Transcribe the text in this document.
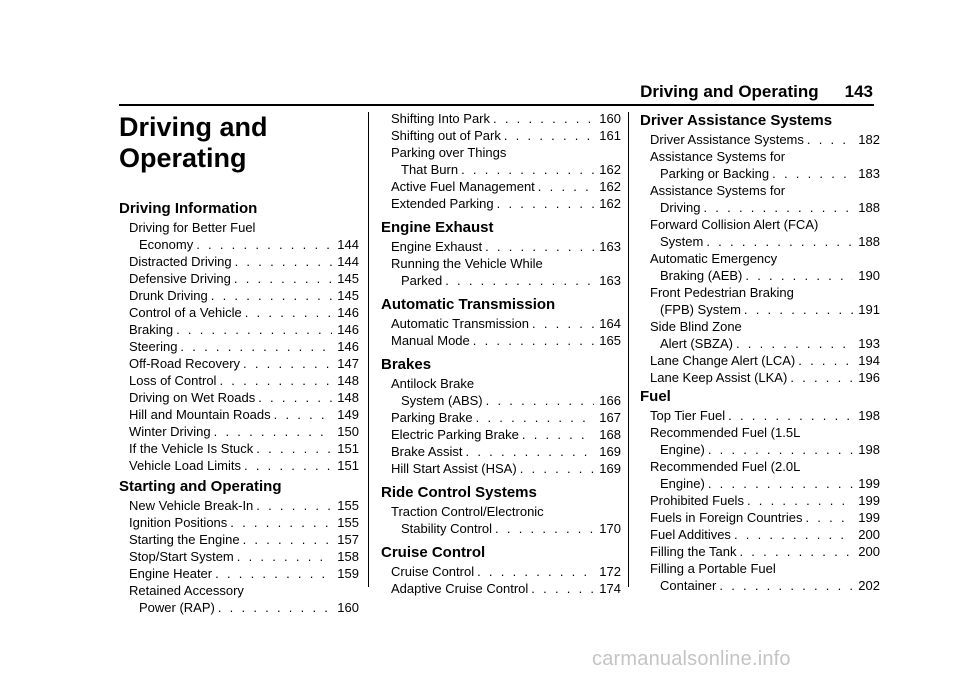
Driving and Operating 143
Driving and
Operating
Driving Information
Driving for Better Fuel
Economy . . .	144
Distracted Driving . . .	144
Defensive Driving . . .	145
Drunk Driving . . .	145
Control of a Vehicle . . .	146
Braking . . .	146
Steering . . .	146
Off-Road Recovery . . .	147
Loss of Control . . .	148
Driving on Wet Roads . . .	148
Hill and Mountain Roads . . .	149
Winter Driving . . .	150
If the Vehicle Is Stuck . . .	151
Vehicle Load Limits . . .	151
Starting and Operating
New Vehicle Break-In . . .	155
Ignition Positions . . .	155
Starting the Engine . . .	157
Stop/Start System . . .	158
Engine Heater . . .	159
Retained Accessory
Power (RAP) . . .	160
Shifting Into Park . . .	160
Shifting out of Park . . .	161
Parking over Things
That Burn . . .	162
Active Fuel Management . . .	162
Extended Parking . . .	162
Engine Exhaust
Engine Exhaust . . .	163
Running the Vehicle While
Parked . . .	163
Automatic Transmission
Automatic Transmission . . .	164
Manual Mode . . .	165
Brakes
Antilock Brake
System (ABS) . . .	166
Parking Brake . . .	167
Electric Parking Brake . . .	168
Brake Assist . . .	169
Hill Start Assist (HSA) . . .	169
Ride Control Systems
Traction Control/Electronic
Stability Control . . .	170
Cruise Control
Cruise Control . . .	172
Adaptive Cruise Control . . .	174
Driver Assistance Systems
Driver Assistance Systems . . .	182
Assistance Systems for
Parking or Backing . . .	183
Assistance Systems for
Driving . . .	188
Forward Collision Alert (FCA)
System . . .	188
Automatic Emergency
Braking (AEB) . . .	190
Front Pedestrian Braking
(FPB) System . . .	191
Side Blind Zone
Alert (SBZA) . . .	193
Lane Change Alert (LCA) . . .	194
Lane Keep Assist (LKA) . . .	196
Fuel
Top Tier Fuel . . .	198
Recommended Fuel (1.5L
Engine) . . .	198
Recommended Fuel (2.0L
Engine) . . .	199
Prohibited Fuels . . .	199
Fuels in Foreign Countries . . .	199
Fuel Additives . . .	200
Filling the Tank . . .	200
Filling a Portable Fuel
Container . . .	202
carmanualsonline.info
